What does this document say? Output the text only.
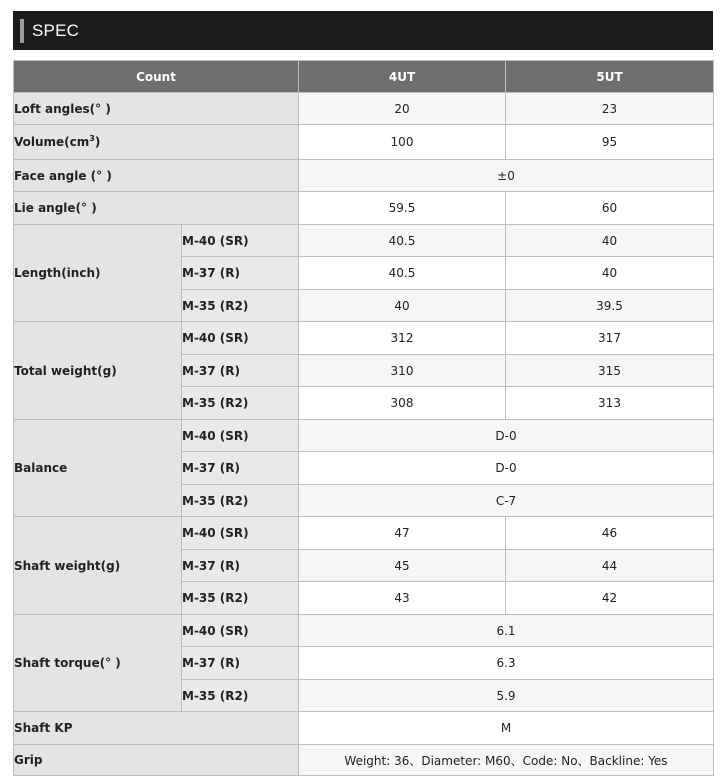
SPEC
Count		4UT	5UT
Loft angles(° )		20	23
$Volume(cm^3)$		100	95
Face angle (° )		±0	
Lie angle(° )		59.5	60
Length(inch)	M-40 (SR)	40.5	40
	M-37 (R)	40.5	40
	M-35 (R2)	40	39.5
Total weight(g)	M-40 (SR)	312	317
	M-37 (R)	310	315
	M-35 (R2)	308	313
Balance	M-40 (SR)	D-0	
	M-37 (R)	D-0	
	M-35 (R2)	C-7	
Shaft weight(g)	M-40 (SR)	47	46
	M-37 (R)	45	44
	M-35 (R2)	43	42
Shaft torque(° )	M-40 (SR)	6.1	
	M-37 (R)	6.3	
	M-35 (R2)	5.9	
Shaft KP		M	
Grip		Weight: 36、Diameter: M60、Code: No、Backline: Yes	
